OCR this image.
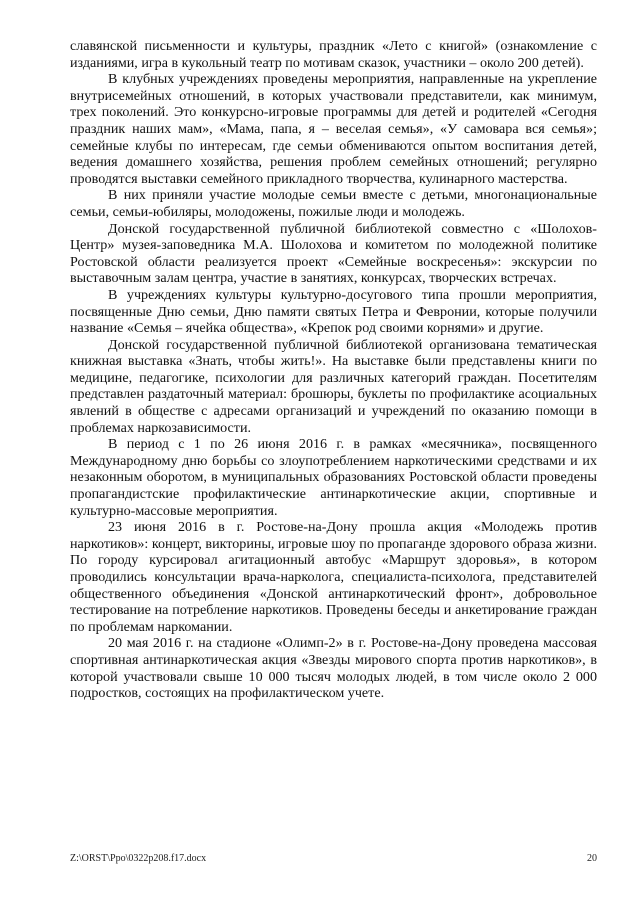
славянской письменности и культуры, праздник «Лето с книгой» (ознакомление с изданиями, игра в кукольный театр по мотивам сказок, участники – около 200 детей).

В клубных учреждениях проведены мероприятия, направленные на укрепление внутрисемейных отношений, в которых участвовали представители, как минимум, трех поколений. Это конкурсно-игровые программы для детей и родителей «Сегодня праздник наших мам», «Мама, папа, я – веселая семья», «У самовара вся семья»; семейные клубы по интересам, где семьи обмениваются опытом воспитания детей, ведения домашнего хозяйства, решения проблем семейных отношений; регулярно проводятся выставки семейного прикладного творчества, кулинарного мастерства.

В них приняли участие молодые семьи вместе с детьми, многонациональные семьи, семьи-юбиляры, молодожены, пожилые люди и молодежь.

Донской государственной публичной библиотекой совместно с «Шолохов-Центр» музея-заповедника М.А. Шолохова и комитетом по молодежной политике Ростовской области реализуется проект «Семейные воскресенья»: экскурсии по выставочным залам центра, участие в занятиях, конкурсах, творческих встречах.

В учреждениях культуры культурно-досугового типа прошли мероприятия, посвященные Дню семьи, Дню памяти святых Петра и Февронии, которые получили название «Семья – ячейка общества», «Крепок род своими корнями» и другие.

Донской государственной публичной библиотекой организована тематическая книжная выставка «Знать, чтобы жить!». На выставке были представлены книги по медицине, педагогике, психологии для различных категорий граждан. Посетителям представлен раздаточный материал: брошюры, буклеты по профилактике асоциальных явлений в обществе с адресами организаций и учреждений по оказанию помощи в проблемах наркозависимости.

В период с 1 по 26 июня 2016 г. в рамках «месячника», посвященного Международному дню борьбы со злоупотреблением наркотическими средствами и их незаконным оборотом, в муниципальных образованиях Ростовской области проведены пропагандистские профилактические антинаркотические акции, спортивные и культурно-массовые мероприятия.

23 июня 2016 в г. Ростове-на-Дону прошла акция «Молодежь против наркотиков»: концерт, викторины, игровые шоу по пропаганде здорового образа жизни. По городу курсировал агитационный автобус «Маршрут здоровья», в котором проводились консультации врача-нарколога, специалиста-психолога, представителей общественного объединения «Донской антинаркотический фронт», добровольное тестирование на потребление наркотиков. Проведены беседы и анкетирование граждан по проблемам наркомании.

20 мая 2016 г. на стадионе «Олимп-2» в г. Ростове-на-Дону проведена массовая спортивная антинаркотическая акция «Звезды мирового спорта против наркотиков», в которой участвовали свыше 10 000 тысяч молодых людей, в том числе около 2 000 подростков, состоящих на профилактическом учете.

Z:\ORST\Ppo\0322p208.f17.docx	20
